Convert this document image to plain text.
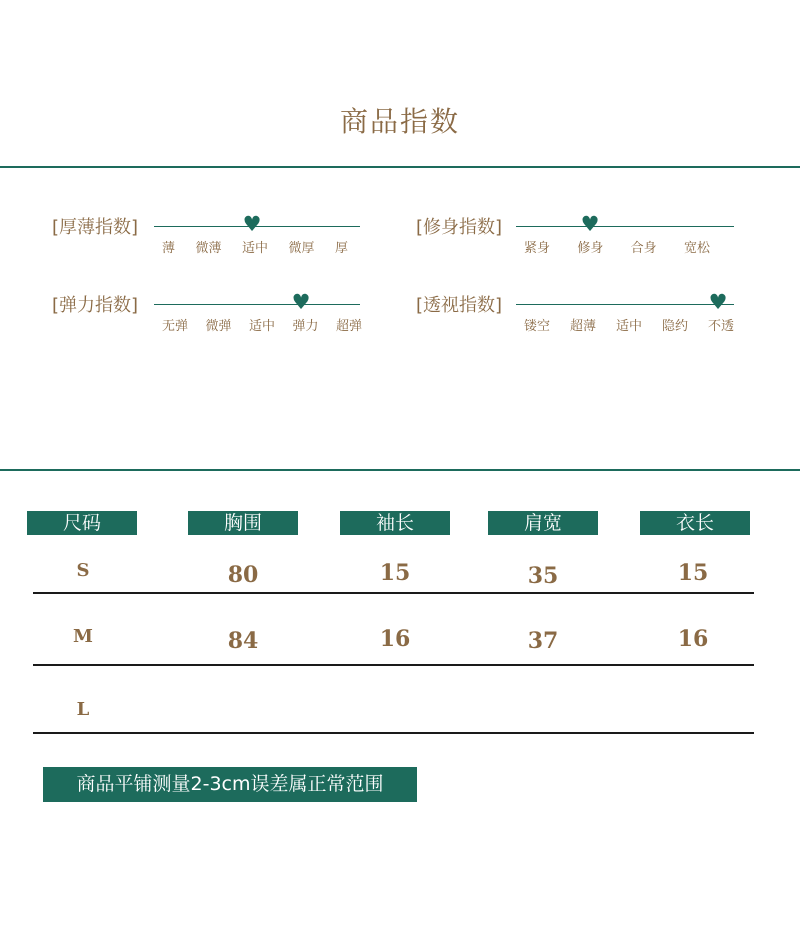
商品指数
[厚薄指数]	♥
薄 微薄 适中 微厚 厚
[修身指数]	♥
紧身 修身 合身 宽松
[弹力指数]	♥
无弹 微弹 适中 弹力 超弹
[透视指数]	♥
镂空 超薄 适中 隐约 不透
尺码	胸围	袖长	肩宽	衣长
S	80	15	35	15
M	84	16	37	16
L
商品平铺测量2-3cm误差属正常范围
